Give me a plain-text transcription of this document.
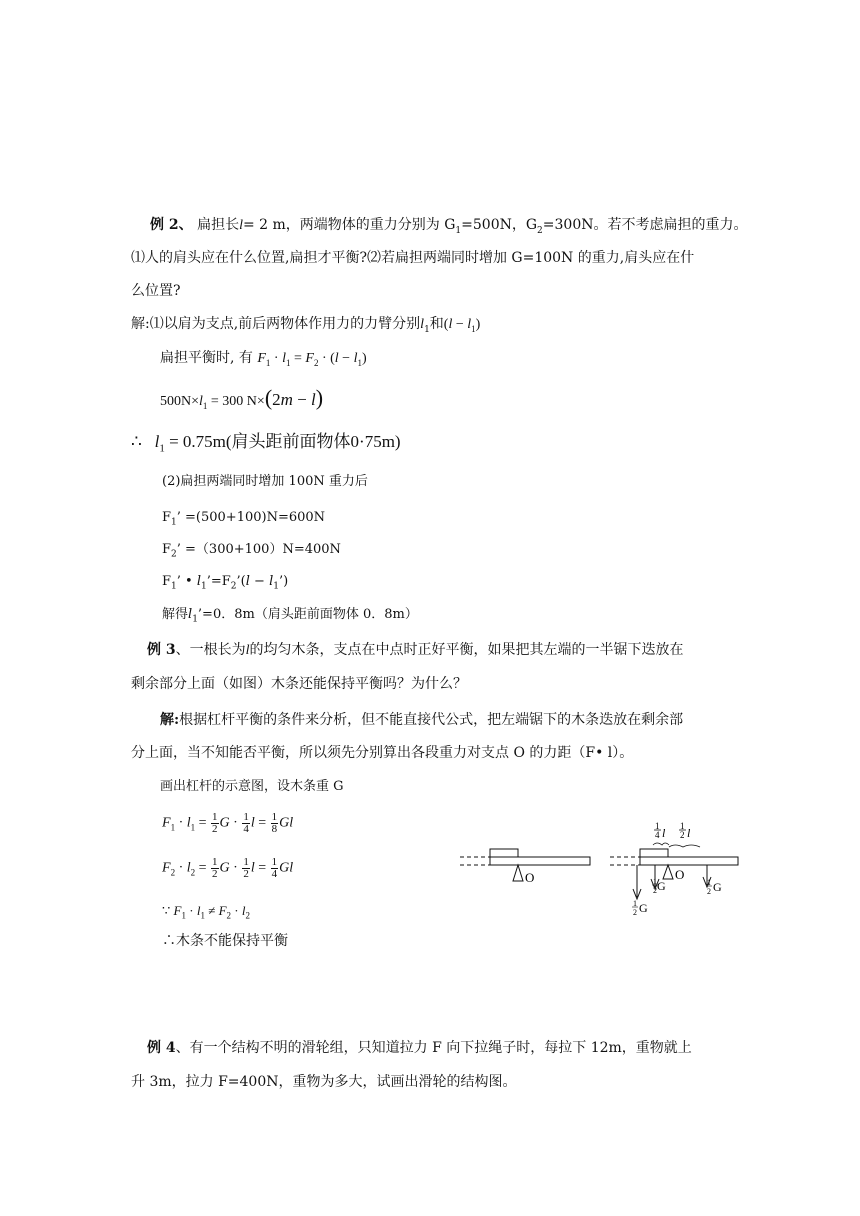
例 2、 扁担长l= 2 m，两端物体的重力分别为 $G_1=500N$，$G_2=300N$。若不考虑扁担的重力。
⑴人的肩头应在什么位置,扁担才平衡?⑵若扁担两端同时增加 G=100N 的重力,肩头应在什
么位置?
解:⑴以肩为支点,前后两物体作用力的力臂分别$l_1$和$(l - l_1)$
扁担平衡时, 有 $F_1 \cdot l_1 = F_2 \cdot (l - l_1)$
$500N\times l_1 = 300$ N×(2m − l)
∴ $l_1 = 0.75m$(肩头距前面物体0·75m)
(2)扁担两端同时增加 100N 重力后
$F_1$’ =(500+100)N=600N
$F_2$’ =（300+100）N=400N
$F_1$’ • $l_1’=F_2’(l$ − $l_1$’)
解得$l_1’=0$．8m（肩头距前面物体 0．8m）
例 3、一根长为l的均匀木条，支点在中点时正好平衡，如果把其左端的一半锯下迭放在
剩余部分上面（如图）木条还能保持平衡吗？为什么？
解:根据杠杆平衡的条件来分析，但不能直接代公式，把左端锯下的木条迭放在剩余部
分上面，当不知能否平衡，所以须先分别算出各段重力对支点 O 的力距（F• l）。
画出杠杆的示意图，设木条重 G
$F_1 \cdot l_1 = \frac{1}{2}$ $G \cdot \frac{1}{4}$ $l = \frac{1}{8}$ Gl
$F_2 \cdot l_2 = \frac{1}{2}$ $G \cdot \frac{1}{2}$ $l = \frac{1}{4}$ Gl
∵ $F_1 \cdot l_1 \ne F_2 \cdot l_2$
∴木条不能保持平衡
O
1
4 l 1
2 l
O
1
2 G
1
2 G	1
2 G
例 4、有一个结构不明的滑轮组，只知道拉力 F 向下拉绳子时，每拉下 12m，重物就上
升 3m，拉力 F=400N，重物为多大，试画出滑轮的结构图。
